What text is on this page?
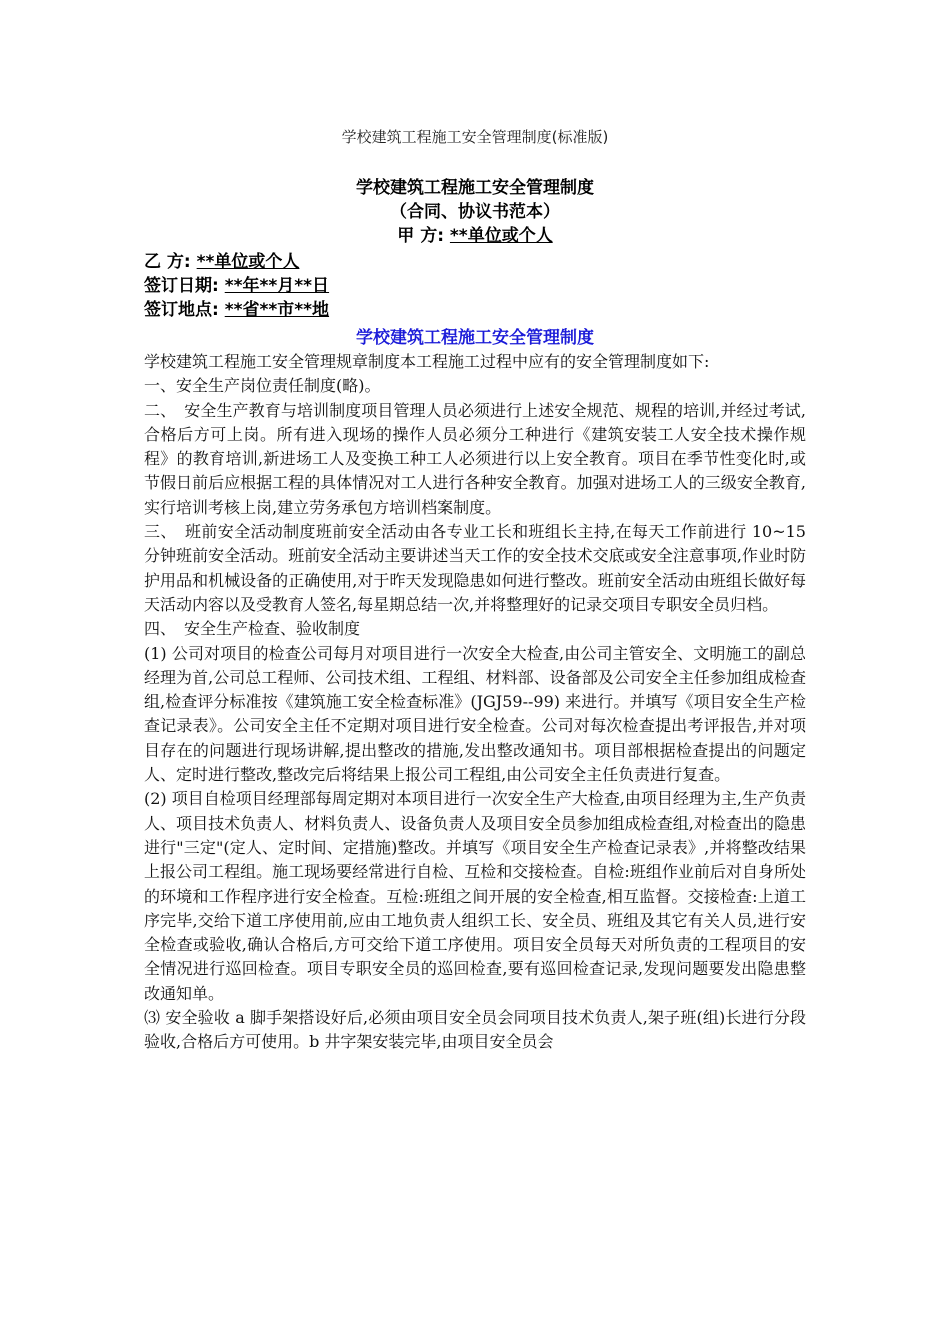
学校建筑工程施工安全管理制度(标准版)

学校建筑工程施工安全管理制度

（合同、协议书范本）

甲 方: **单位或个人

乙 方: **单位或个人

签订日期: **年**月**日

签订地点: **省**市**地

学校建筑工程施工安全管理制度

学校建筑工程施工安全管理规章制度本工程施工过程中应有的安全管理制度如下:

一、安全生产岗位责任制度(略)。

二、　安全生产教育与培训制度项目管理人员必须进行上述安全规范、规程的培训,并经过考试,合格后方可上岗。所有进入现场的操作人员必须分工种进行《建筑安装工人安全技术操作规程》的教育培训,新进场工人及变换工种工人必须进行以上安全教育。项目在季节性变化时,或节假日前后应根据工程的具体情况对工人进行各种安全教育。加强对进场工人的三级安全教育,实行培训考核上岗,建立劳务承包方培训档案制度。

三、　班前安全活动制度班前安全活动由各专业工长和班组长主持,在每天工作前进行 10~15 分钟班前安全活动。班前安全活动主要讲述当天工作的安全技术交底或安全注意事项,作业时防护用品和机械设备的正确使用,对于昨天发现隐患如何进行整改。班前安全活动由班组长做好每天活动内容以及受教育人签名,每星期总结一次,并将整理好的记录交项目专职安全员归档。

四、　安全生产检查、验收制度

(1) 公司对项目的检查公司每月对项目进行一次安全大检查,由公司主管安全、文明施工的副总经理为首,公司总工程师、公司技术组、工程组、材料部、设备部及公司安全主任参加组成检查组,检查评分标准按《建筑施工安全检查标准》(JGJ59--99) 来进行。并填写《项目安全生产检查记录表》。公司安全主任不定期对项目进行安全检查。公司对每次检查提出考评报告,并对项目存在的问题进行现场讲解,提出整改的措施,发出整改通知书。项目部根据检查提出的问题定人、定时进行整改,整改完后将结果上报公司工程组,由公司安全主任负责进行复查。

(2) 项目自检项目经理部每周定期对本项目进行一次安全生产大检查,由项目经理为主,生产负责人、项目技术负责人、材料负责人、设备负责人及项目安全员参加组成检查组,对检查出的隐患进行"三定"(定人、定时间、定措施)整改。并填写《项目安全生产检查记录表》,并将整改结果上报公司工程组。施工现场要经常进行自检、互检和交接检查。自检:班组作业前后对自身所处的环境和工作程序进行安全检查。互检:班组之间开展的安全检查,相互监督。交接检查:上道工序完毕,交给下道工序使用前,应由工地负责人组织工长、安全员、班组及其它有关人员,进行安全检查或验收,确认合格后,方可交给下道工序使用。项目安全员每天对所负责的工程项目的安全情况进行巡回检查。项目专职安全员的巡回检查,要有巡回检查记录,发现问题要发出隐患整改通知单。

⑶ 安全验收 a 脚手架搭设好后,必须由项目安全员会同项目技术负责人,架子班(组)长进行分段验收,合格后方可使用。b 井字架安装完毕,由项目安全员会
